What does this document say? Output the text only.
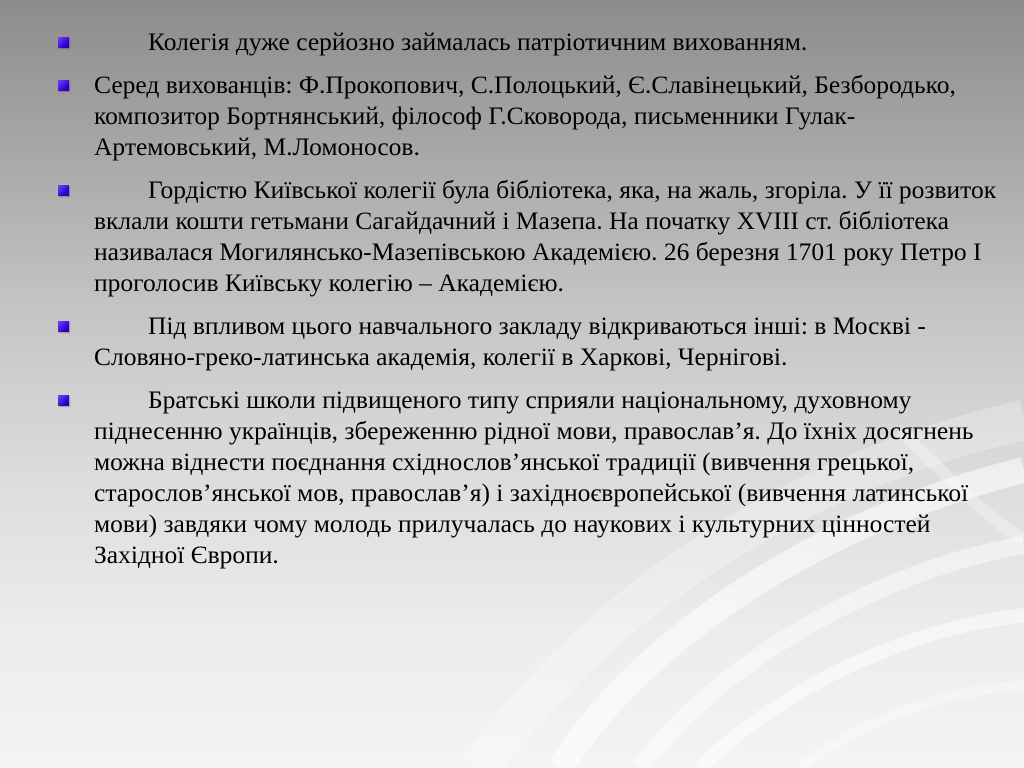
Колегія дуже серйозно займалась патріотичним вихованням.
Серед вихованців: Ф.Прокопович, С.Полоцький, Є.Славінецький, Безбородько, композитор Бортнянський, філософ Г.Сковорода, письменники Гулак-Артемовський, М.Ломоносов.
Гордістю Київської колегії була бібліотека, яка, на жаль, згоріла. У її розвиток вклали кошти гетьмани Сагайдачний і Мазепа. На початку XVIII ст. бібліотека називалася Могилянсько-Мазепівською Академією. 26 березня 1701 року Петро I проголосив Київську колегію – Академією.
Під впливом цього навчального закладу відкриваються інші: в Москві - Словяно-греко-латинська академія, колегії в Харкові, Чернігові.
Братські школи підвищеного типу сприяли національному, духовному піднесенню українців, збереженню рідної мови, православ’я. До їхніх досягнень можна віднести поєднання східнослов’янської традиції (вивчення грецької, старослов’янської мов, православ’я) і західноєвропейської (вивчення латинської мови) завдяки чому молодь прилучалась до наукових і культурних цінностей Західної Європи.
